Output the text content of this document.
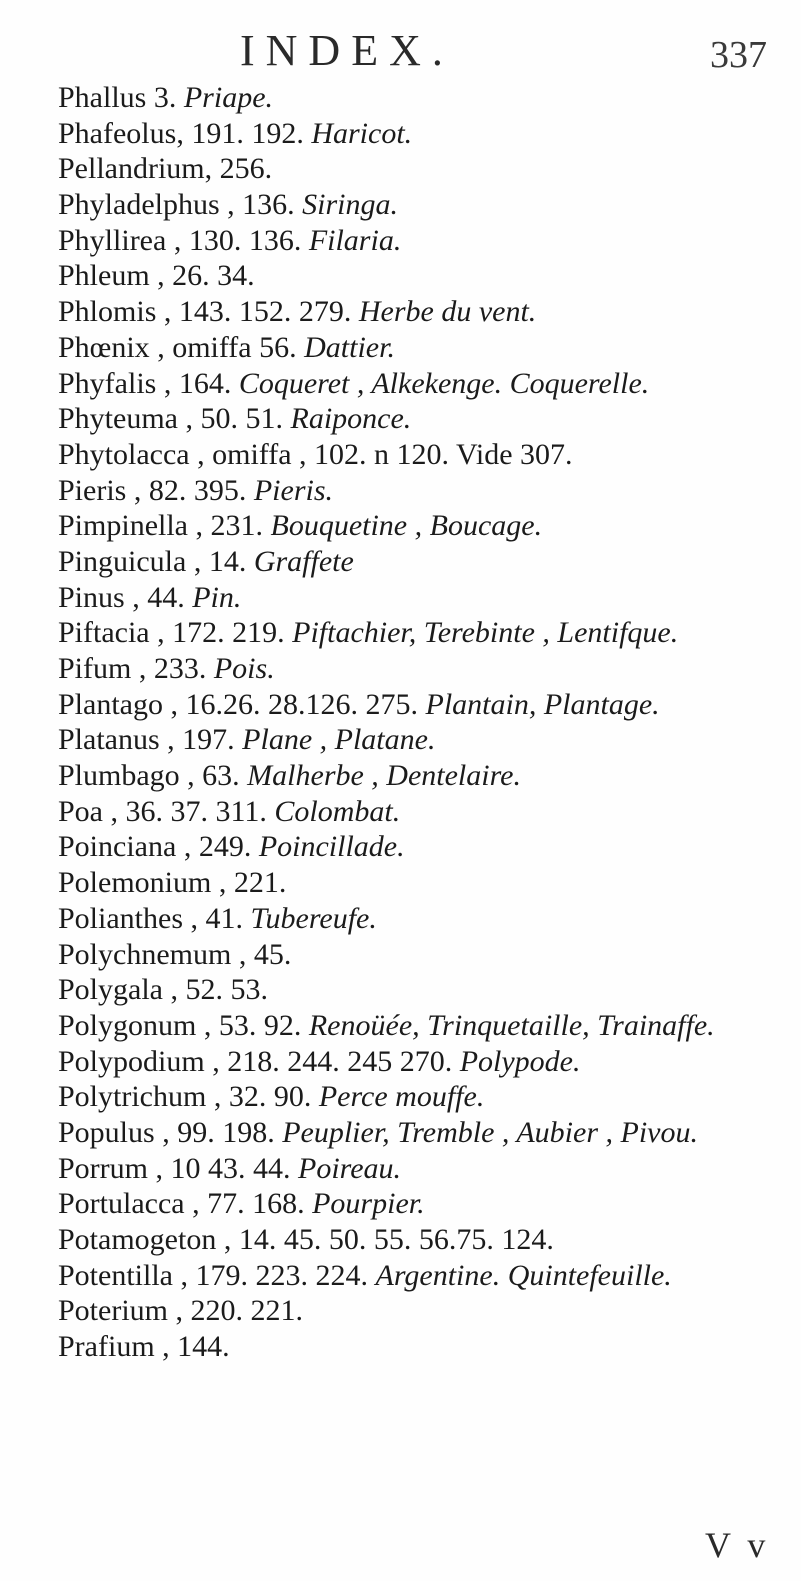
INDEX.	337
Phallus 3. Priape.
Phafeolus, 191. 192. Haricot.
Pellandrium, 256.
Phyladelphus , 136. Siringa.
Phyllirea , 130. 136. Filaria.
Phleum , 26. 34.
Phlomis , 143. 152. 279. Herbe du vent.
Phœnix , omiffa 56. Dattier.
Phyfalis , 164. Coqueret , Alkekenge. Coquerelle.
Phyteuma , 50. 51. Raiponce.
Phytolacca , omiffa , 102. n 120. Vide 307.
Pieris , 82. 395. Pieris.
Pimpinella , 231. Bouquetine , Boucage.
Pinguicula , 14. Graffete
Pinus , 44. Pin.
Piftacia , 172. 219. Piftachier, Terebinte , Lentifque.
Pifum , 233. Pois.
Plantago , 16.26. 28.126. 275. Plantain, Plantage.
Platanus , 197. Plane , Platane.
Plumbago , 63. Malherbe , Dentelaire.
Poa , 36. 37. 311. Colombat.
Poinciana , 249. Poincillade.
Polemonium , 221.
Polianthes , 41. Tubereufe.
Polychnemum , 45.
Polygala , 52. 53.
Polygonum , 53. 92. Renoüée, Trinquetaille, Trainaffe.
Polypodium , 218. 244. 245 270. Polypode.
Polytrichum , 32. 90. Perce mouffe.
Populus , 99. 198. Peuplier, Tremble , Aubier , Pivou.
Porrum , 10 43. 44. Poireau.
Portulacca , 77. 168. Pourpier.
Potamogeton , 14. 45. 50. 55. 56.75. 124.
Potentilla , 179. 223. 224. Argentine. Quintefeuille.
Poterium , 220. 221.
Prafium , 144.
V v
